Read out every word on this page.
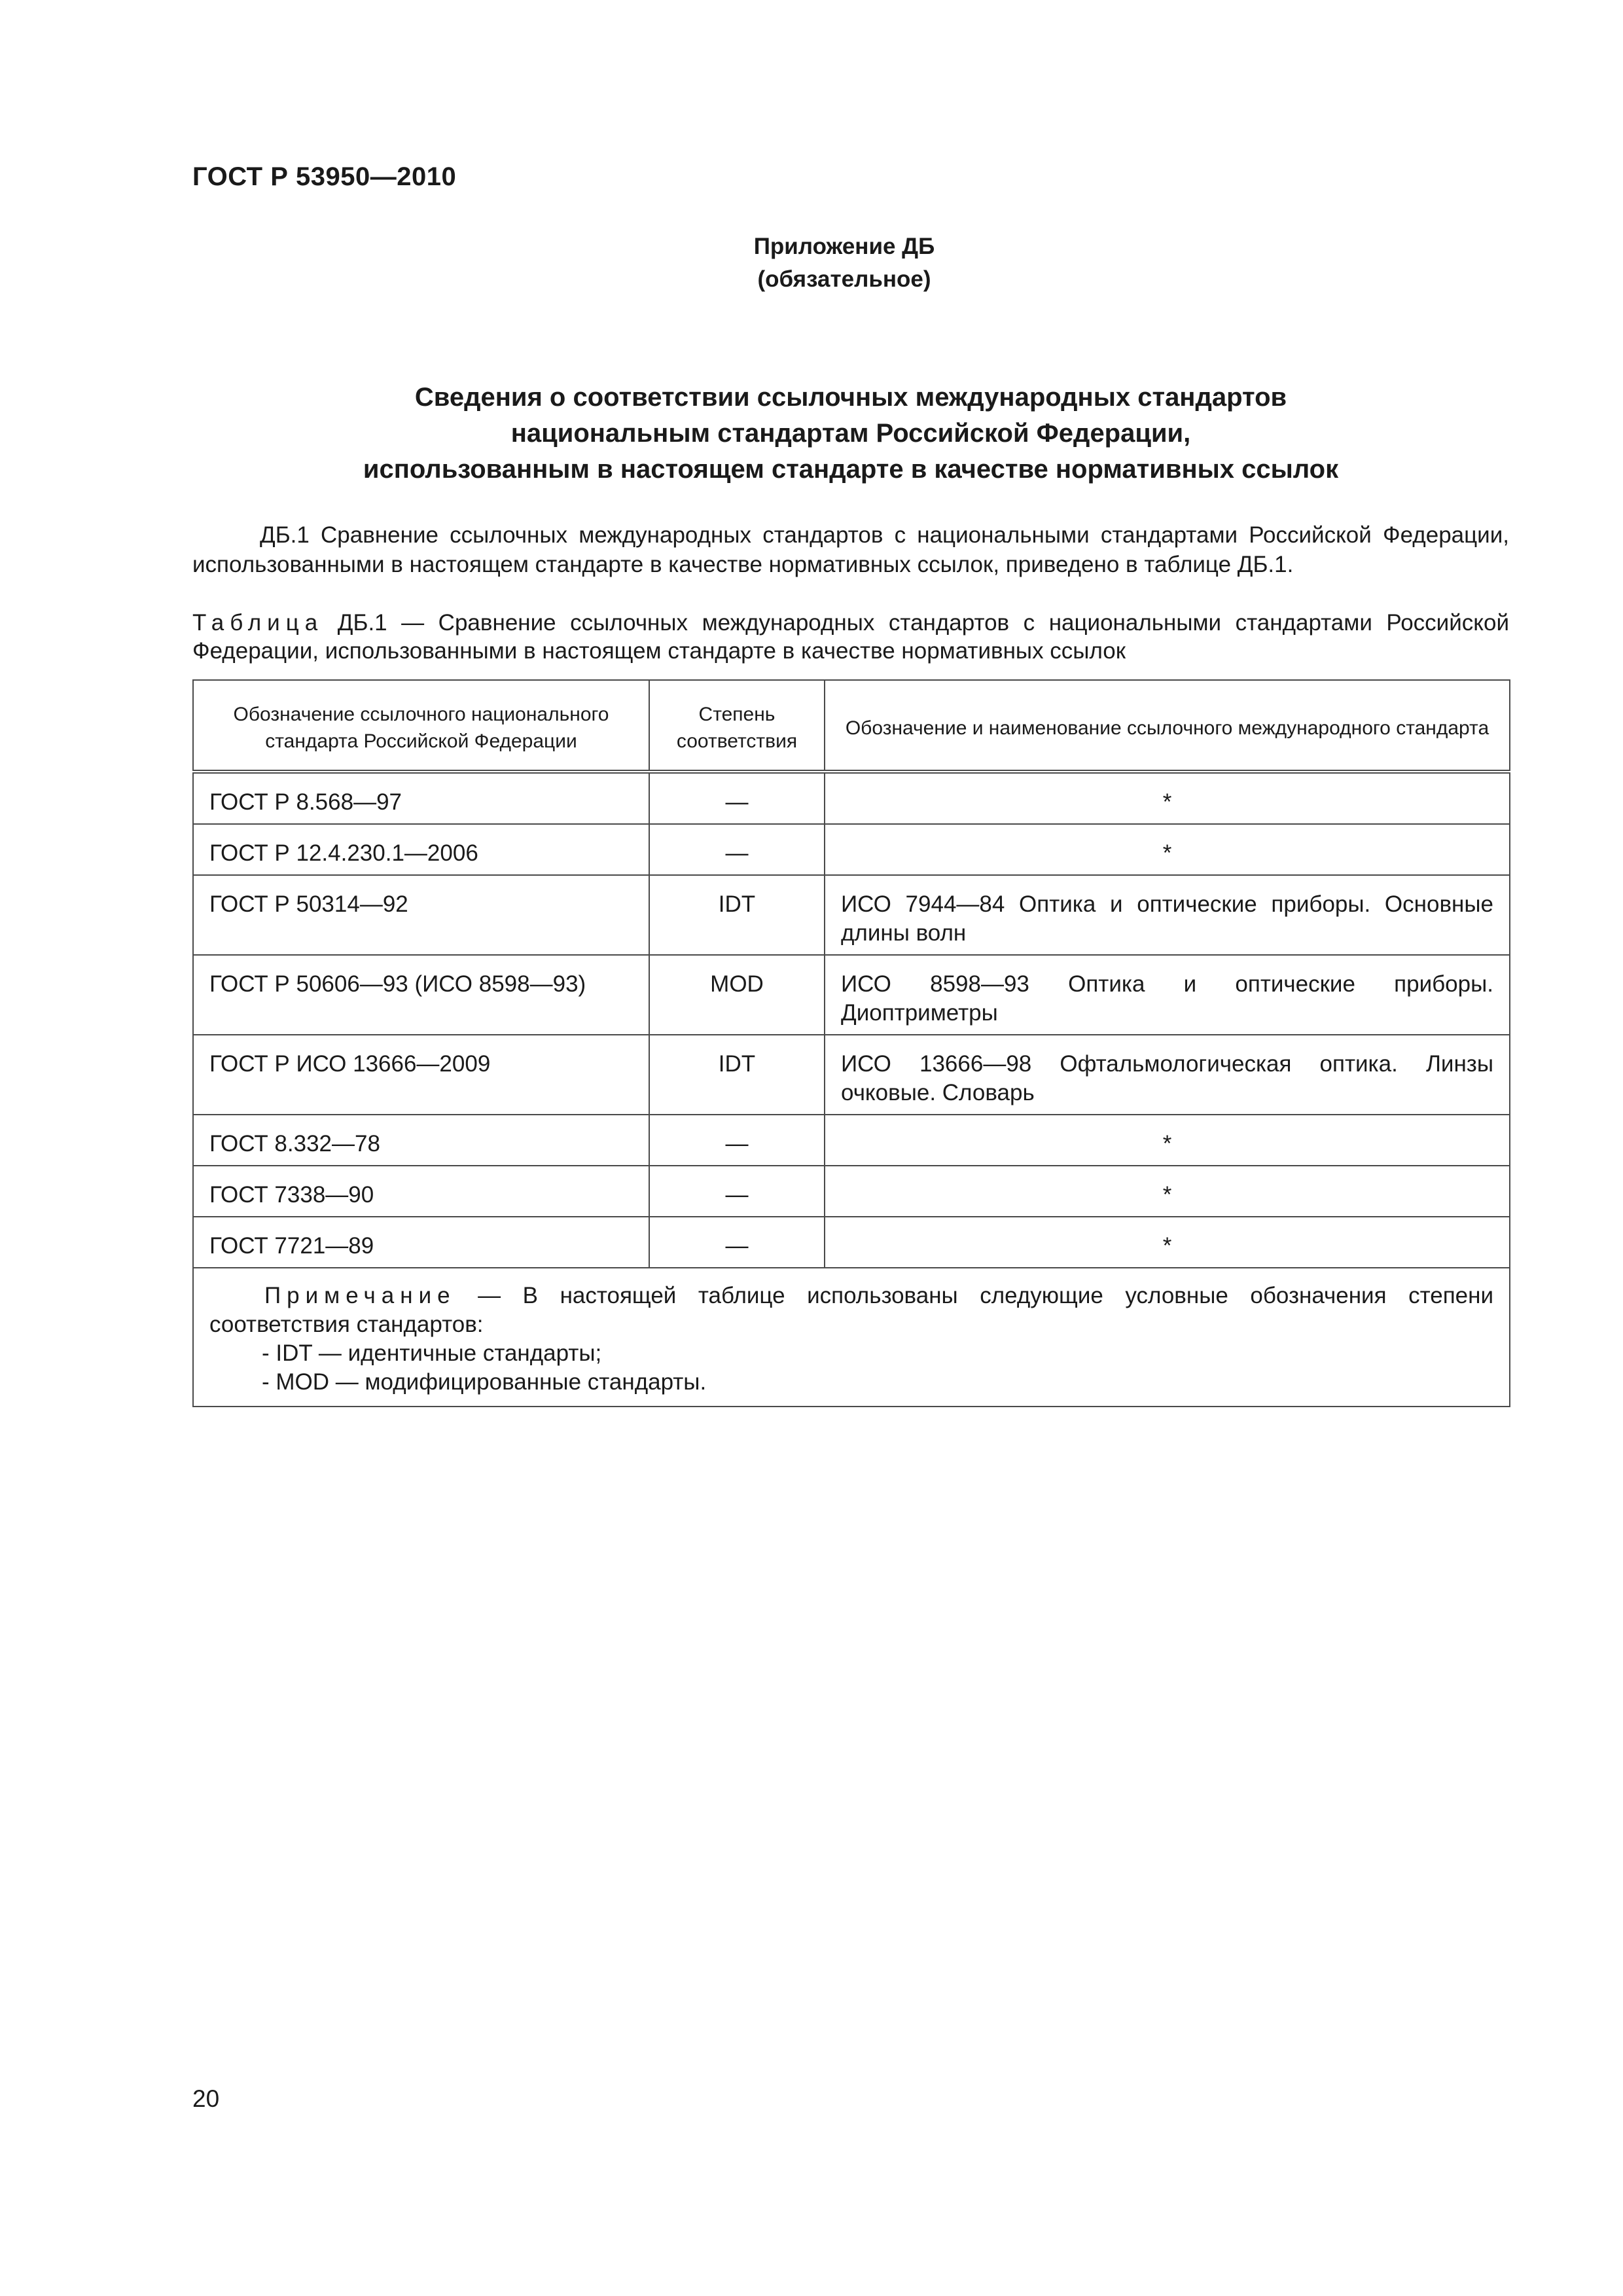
ГОСТ Р 53950—2010
Приложение ДБ
(обязательное)
Сведения о соответствии ссылочных международных стандартов
национальным стандартам Российской Федерации,
использованным в настоящем стандарте в качестве нормативных ссылок
ДБ.1 Сравнение ссылочных международных стандартов с национальными стандартами Российской Федерации, использованными в настоящем стандарте в качестве нормативных ссылок, приведено в таблице ДБ.1.
Таблица ДБ.1 — Сравнение ссылочных международных стандартов с национальными стандартами Российской Федерации, использованными в настоящем стандарте в качестве нормативных ссылок
Обозначение ссылочного национального стандарта Российской Федерации	Степень соответствия	Обозначение и наименование ссылочного международного стандарта
ГОСТ Р 8.568—97	—	*
ГОСТ Р 12.4.230.1—2006	—	*
ГОСТ Р 50314—92	IDT	ИСО 7944—84 Оптика и оптические приборы. Основные длины волн
ГОСТ Р 50606—93 (ИСО 8598—93)	MOD	ИСО 8598—93 Оптика и оптические приборы. Диоптриметры
ГОСТ Р ИСО 13666—2009	IDT	ИСО 13666—98 Офтальмологическая оптика. Линзы очковые. Словарь
ГОСТ 8.332—78	—	*
ГОСТ 7338—90	—	*
ГОСТ 7721—89	—	*

Примечание — В настоящей таблице использованы следующие условные обозначения степени соответствия стандартов:
- IDT — идентичные стандарты;
- MOD — модифицированные стандарты.		
20
